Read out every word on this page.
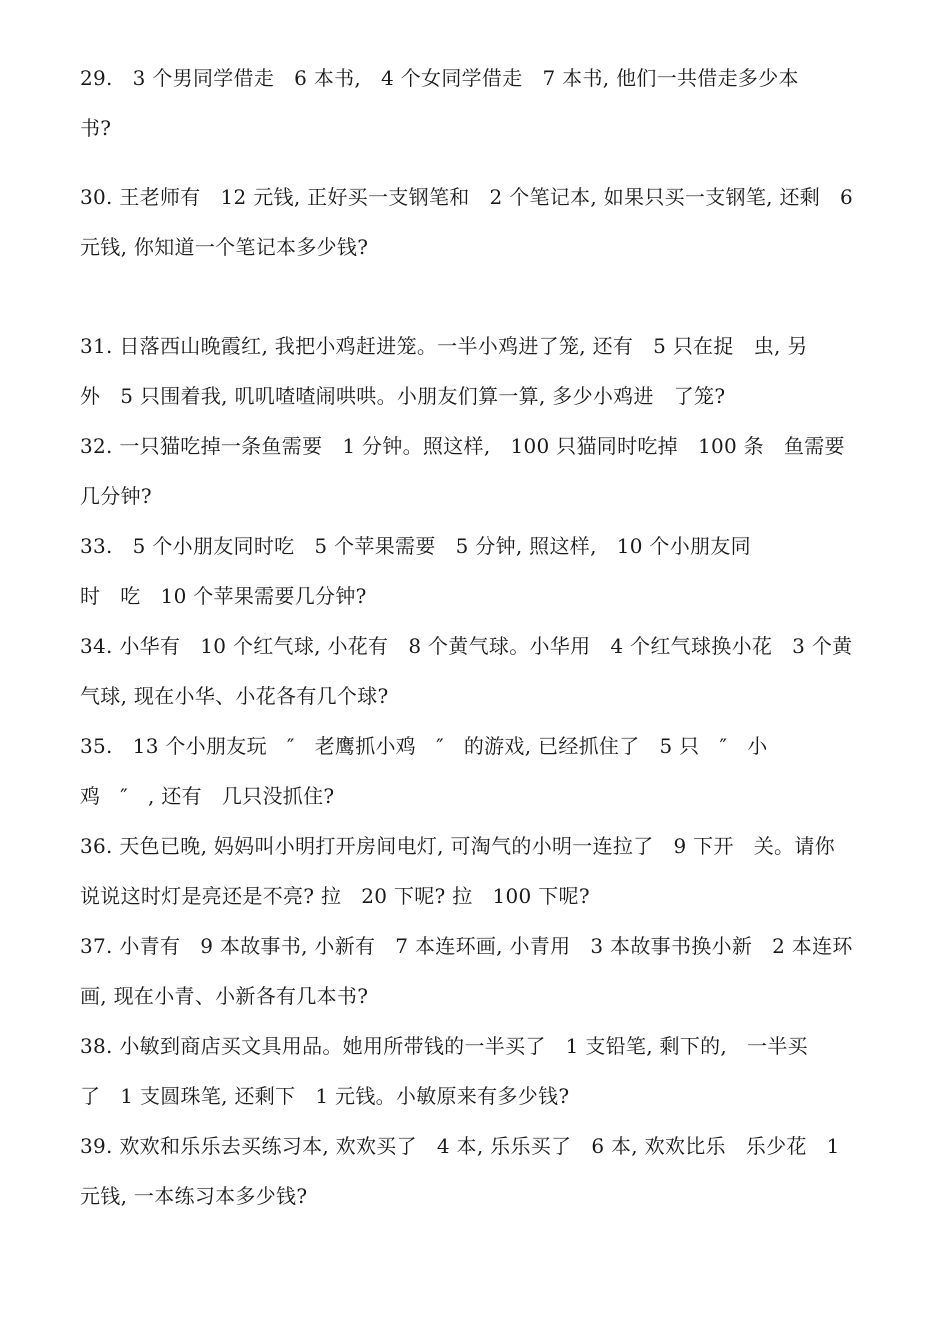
29.   3 个男同学借走   6 本书,   4 个女同学借走   7 本书, 他们一共借走多少本
书?
30. 王老师有   12 元钱, 正好买一支钢笔和   2 个笔记本, 如果只买一支钢笔, 还剩   6
元钱, 你知道一个笔记本多少钱?
31. 日落西山晚霞红, 我把小鸡赶进笼。一半小鸡进了笼, 还有   5 只在捉   虫, 另
外   5 只围着我, 叽叽喳喳闹哄哄。小朋友们算一算, 多少小鸡进   了笼?
32. 一只猫吃掉一条鱼需要   1 分钟。照这样,   100 只猫同时吃掉   100 条   鱼需要
几分钟?
33.   5 个小朋友同时吃   5 个苹果需要   5 分钟, 照这样,   10 个小朋友同
时   吃   10 个苹果需要几分钟?
34. 小华有   10 个红气球, 小花有   8 个黄气球。小华用   4 个红气球换小花   3 个黄
气球, 现在小华、小花各有几个球?
35.   13 个小朋友玩   ″   老鹰抓小鸡   ″   的游戏, 已经抓住了   5 只   ″   小
鸡   ″   , 还有   几只没抓住?
36. 天色已晚, 妈妈叫小明打开房间电灯, 可淘气的小明一连拉了   9 下开   关。请你
说说这时灯是亮还是不亮? 拉   20 下呢? 拉   100 下呢?
37. 小青有   9 本故事书, 小新有   7 本连环画, 小青用   3 本故事书换小新   2 本连环
画, 现在小青、小新各有几本书?
38. 小敏到商店买文具用品。她用所带钱的一半买了   1 支铅笔, 剩下的,   一半买
了   1 支圆珠笔, 还剩下   1 元钱。小敏原来有多少钱?
39. 欢欢和乐乐去买练习本, 欢欢买了   4 本, 乐乐买了   6 本, 欢欢比乐   乐少花   1
元钱, 一本练习本多少钱?
